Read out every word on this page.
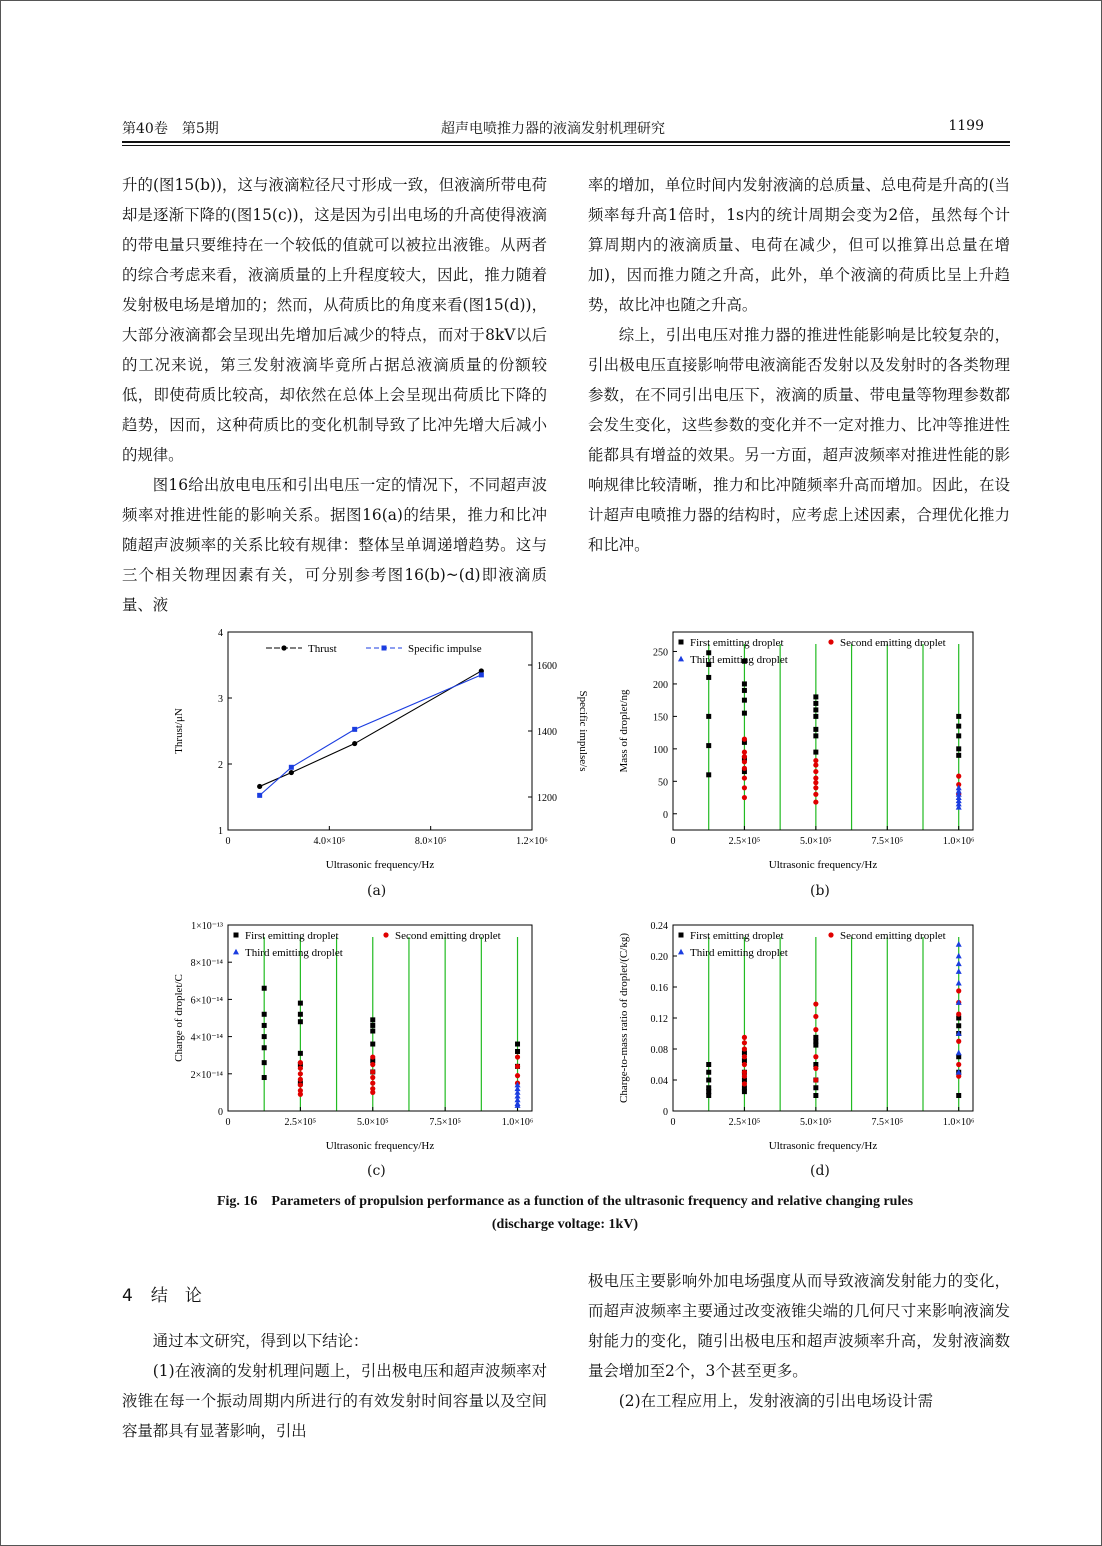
第40卷　第5期	超声电喷推力器的液滴发射机理研究	1199

升的(图15(b))，这与液滴粒径尺寸形成一致，但液滴所带电荷却是逐渐下降的(图15(c))，这是因为引出电场的升高使得液滴的带电量只要维持在一个较低的值就可以被拉出液锥。从两者的综合考虑来看，液滴质量的上升程度较大，因此，推力随着发射极电场是增加的；然而，从荷质比的角度来看(图15(d))，大部分液滴都会呈现出先增加后减少的特点，而对于8kV以后的工况来说，第三发射液滴毕竟所占据总液滴质量的份额较低，即使荷质比较高，却依然在总体上会呈现出荷质比下降的趋势，因而，这种荷质比的变化机制导致了比冲先增大后减小的规律。

图16给出放电电压和引出电压一定的情况下，不同超声波频率对推进性能的影响关系。据图16(a)的结果，推力和比冲随超声波频率的关系比较有规律：整体呈单调递增趋势。这与三个相关物理因素有关，可分别参考图16(b)~(d)即液滴质量、液

率的增加，单位时间内发射液滴的总质量、总电荷是升高的(当频率每升高1倍时，1s内的统计周期会变为2倍，虽然每个计算周期内的液滴质量、电荷在减少，但可以推算出总量在增加)，因而推力随之升高，此外，单个液滴的荷质比呈上升趋势，故比冲也随之升高。

综上，引出电压对推力器的推进性能影响是比较复杂的，引出极电压直接影响带电液滴能否发射以及发射时的各类物理参数，在不同引出电压下，液滴的质量、带电量等物理参数都会发生变化，这些参数的变化并不一定对推力、比冲等推进性能都具有增益的效果。另一方面，超声波频率对推进性能的影响规律比较清晰，推力和比冲随频率升高而增加。因此，在设计超声电喷推力器的结构时，应考虑上述因素，合理优化推力和比冲。

0	4.0×10⁵	8.0×10⁵	1.2×10⁶
Ultrasonic frequency/Hz
1
2
3
4
Thrust/μN
1200
1400
1600
Specific impulse/s
Thrust	Specific impulse
0	2.5×10⁵	5.0×10⁵	7.5×10⁵	1.0×10⁶
Ultrasonic frequency/Hz
0
50
100
150
200
250
Mass of droplet/ng
First emitting droplet	Second emitting droplet
Third emitting droplet
0	2.5×10⁵	5.0×10⁵	7.5×10⁵	1.0×10⁶
Ultrasonic frequency/Hz
0
2×10⁻¹⁴
4×10⁻¹⁴
6×10⁻¹⁴
8×10⁻¹⁴
1×10⁻¹³
Charge of droplet/C
First emitting droplet	Second emitting droplet
Third emitting droplet
0	2.5×10⁵	5.0×10⁵	7.5×10⁵	1.0×10⁶
Ultrasonic frequency/Hz
0
0.04
0.08
0.12
0.16
0.20
0.24
Charge-to-mass ratio of droplet/(C/kg)	First emitting droplet	Second emitting droplet
Third emitting droplet
(a)	(b)
(c)	(d)
Fig. 16　Parameters of propulsion performance as a function of the ultrasonic frequency and relative changing rules
(discharge voltage: 1kV)
4 结　论

通过本文研究，得到以下结论：

(1)在液滴的发射机理问题上，引出极电压和超声波频率对液锥在每一个振动周期内所进行的有效发射时间容量以及空间容量都具有显著影响，引出

极电压主要影响外加电场强度从而导致液滴发射能力的变化，而超声波频率主要通过改变液锥尖端的几何尺寸来影响液滴发射能力的变化，随引出极电压和超声波频率升高，发射液滴数量会增加至2个，3个甚至更多。

(2)在工程应用上，发射液滴的引出电场设计需
